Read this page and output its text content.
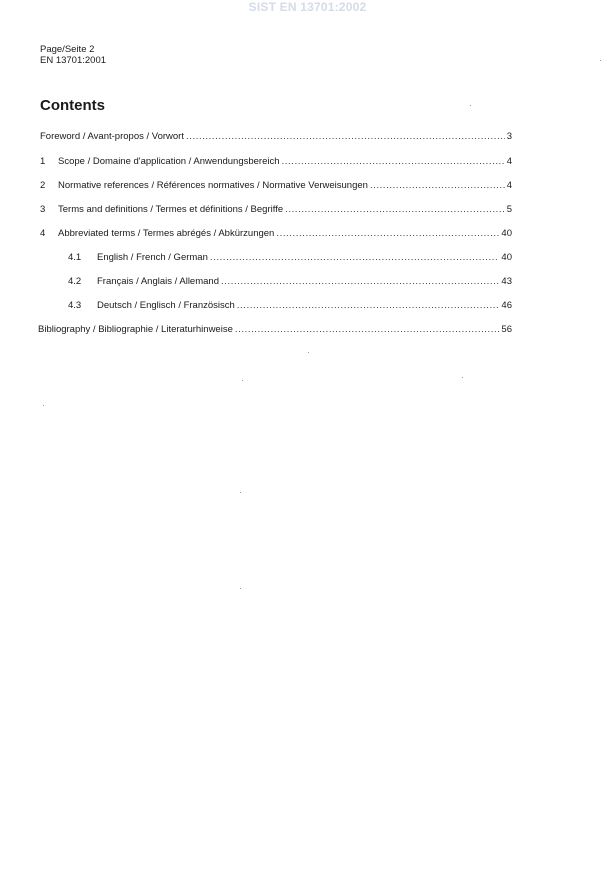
SIST EN 13701:2002
Page/Seite 2
EN 13701:2001
Contents
Foreword / Avant-propos / Vorwort .....	3
1	Scope / Domaine d'application / Anwendungsbereich .....	4
2	Normative references / Références normatives / Normative Verweisungen .....	4
3	Terms and definitions / Termes et définitions / Begriffe .....	5
4	Abbreviated terms / Termes abrégés / Abkürzungen .....	40
4.1	English / French / German .....	40
4.2	Français / Anglais / Allemand .....	43
4.3	Deutsch / Englisch / Französisch .....	46
Bibliography / Bibliographie / Literaturhinweise .....	56
